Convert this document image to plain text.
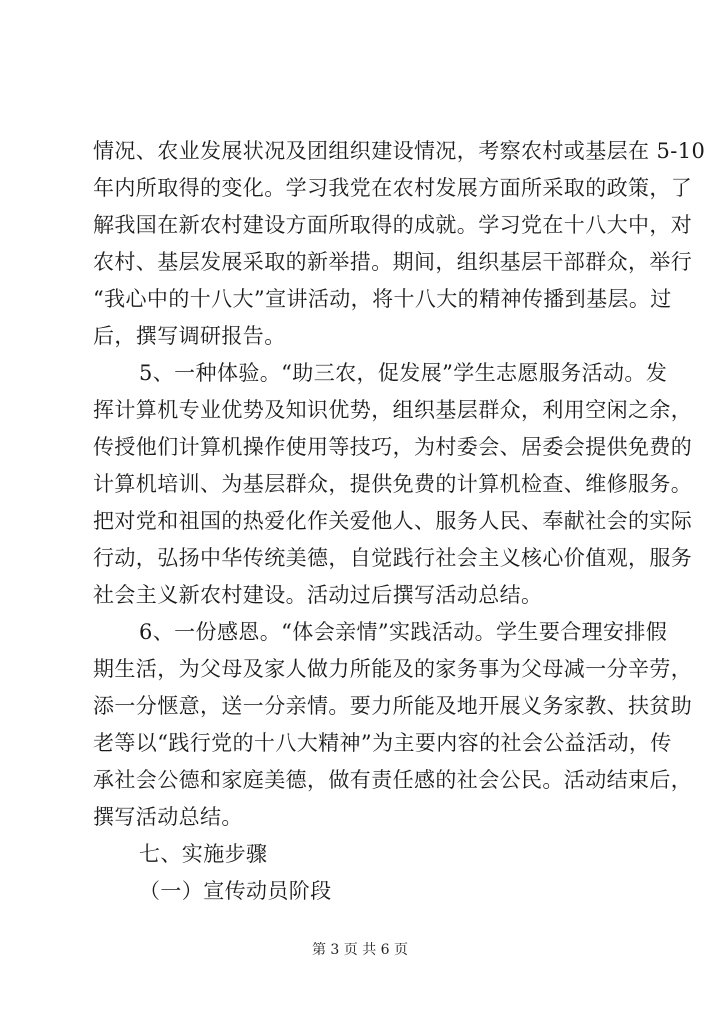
情况、农业发展状况及团组织建设情况，考察农村或基层在 5-10
年内所取得的变化。学习我党在农村发展方面所采取的政策，了
解我国在新农村建设方面所取得的成就。学习党在十八大中，对
农村、基层发展采取的新举措。期间，组织基层干部群众，举行
“我心中的十八大”宣讲活动，将十八大的精神传播到基层。过
后，撰写调研报告。
5、一种体验。“助三农，促发展”学生志愿服务活动。发
挥计算机专业优势及知识优势，组织基层群众，利用空闲之余，
传授他们计算机操作使用等技巧，为村委会、居委会提供免费的
计算机培训、为基层群众，提供免费的计算机检查、维修服务。
把对党和祖国的热爱化作关爱他人、服务人民、奉献社会的实际
行动，弘扬中华传统美德，自觉践行社会主义核心价值观，服务
社会主义新农村建设。活动过后撰写活动总结。
6、一份感恩。“体会亲情”实践活动。学生要合理安排假
期生活，为父母及家人做力所能及的家务事为父母减一分辛劳，
添一分惬意，送一分亲情。要力所能及地开展义务家教、扶贫助
老等以“践行党的十八大精神”为主要内容的社会公益活动，传
承社会公德和家庭美德，做有责任感的社会公民。活动结束后，
撰写活动总结。
七、实施步骤
（一）宣传动员阶段
第 3 页 共 6 页
